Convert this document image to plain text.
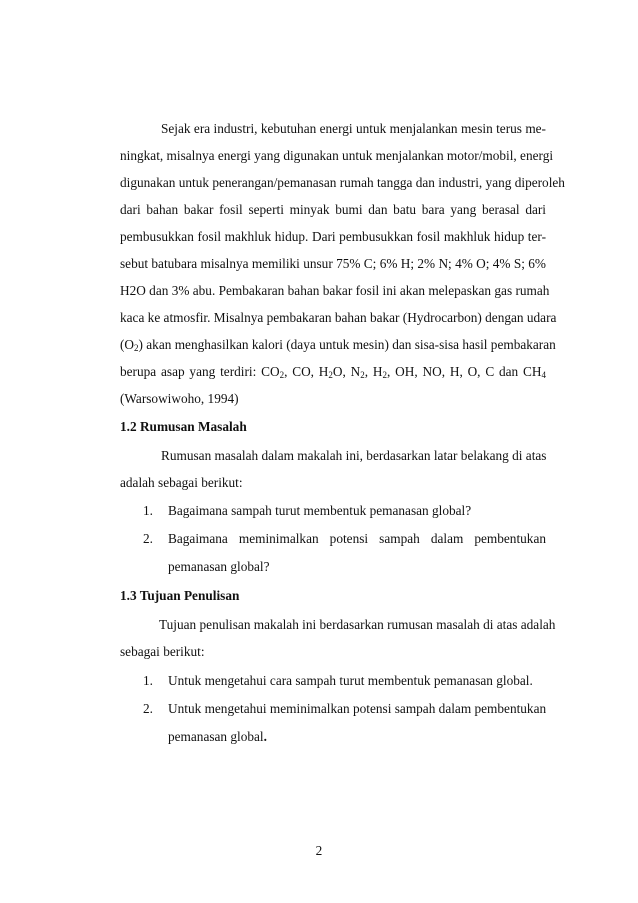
Sejak era industri, kebutuhan energi untuk menjalankan mesin terus me-
ningkat, misalnya energi yang digunakan untuk menjalankan motor/mobil, energi
digunakan untuk penerangan/pemanasan rumah tangga dan industri, yang diperoleh
dari bahan bakar fosil seperti minyak bumi dan batu bara yang berasal dari
pembusukkan fosil makhluk hidup. Dari pembusukkan fosil makhluk hidup ter-
sebut batubara misalnya memiliki unsur 75% C; 6% H; 2% N; 4% O; 4% S; 6%
H2O dan 3% abu. Pembakaran bahan bakar fosil ini akan melepaskan gas rumah
kaca ke atmosfir. Misalnya pembakaran bahan bakar (Hydrocarbon) dengan udara
$(O_2)$ akan menghasilkan kalori (daya untuk mesin) dan sisa-sisa hasil pembakaran
berupa asap yang terdiri: $CO_2$, CO, $H_2O$, $N_2$, $H_2$, OH, NO, H, O, C dan $CH_4$
(Warsowiwoho, 1994)
1.2 Rumusan Masalah
Rumusan masalah dalam makalah ini, berdasarkan latar belakang di atas
adalah sebagai berikut:
1. Bagaimana sampah turut membentuk pemanasan global?
2. Bagaimana meminimalkan potensi sampah dalam pembentukan
pemanasan global?
1.3 Tujuan Penulisan
Tujuan penulisan makalah ini berdasarkan rumusan masalah di atas adalah
sebagai berikut:
1. Untuk mengetahui cara sampah turut membentuk pemanasan global.
2. Untuk mengetahui meminimalkan potensi sampah dalam pembentukan
pemanasan global.
2
